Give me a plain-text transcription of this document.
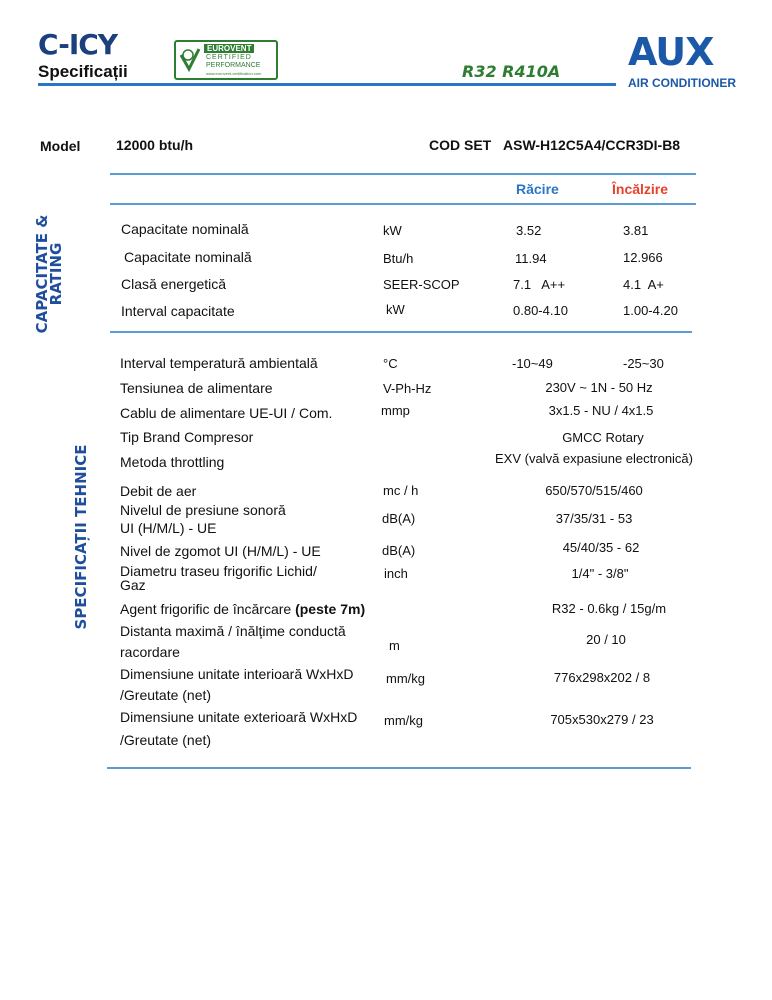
C-ICY
Specificații
EUROVENT
CERTIFIED
PERFORMANCE
www.eurovent-certification.com	R32 R410A AUX
AIR CONDITIONER
Model	12000 btu/h	COD SET ASW-H12C5A4/CCR3DI-B8
Răcire	Încălzire
CAPACITATE & RATING
SPECIFICAȚII TEHNICE
Capacitate nominală	kW	3.52	3.81
Capacitate nominală	Btu/h	11.94	12.966
Clasă energetică	SEER-SCOP	7.1   A++	4.1  A+
Interval capacitate	kW	0.80-4.10	1.00-4.20
Interval temperatură ambientală	°C	-10~49	-25~30
Tensiunea de alimentare	V-Ph-Hz	230V ~ 1N - 50 Hz
Cablu de alimentare UE-UI / Com.	mmp	3x1.5 - NU / 4x1.5
Tip Brand Compresor	GMCC Rotary
Metoda throttling	EXV (valvă expasiune electronică)
Debit de aer	mc / h	650/570/515/460
Nivelul de presiune sonoră
UI (H/M/L) - UE
dB(A)	37/35/31 - 53
Nivel de zgomot UI (H/M/L) - UE	dB(A)	45/40/35 - 62
Diametru traseu frigorific Lichid/
Gaz
inch	1/4" - 3/8"
Agent frigorific de încărcare (peste 7m)	R32 - 0.6kg / 15g/m
Distanta maximă / înălțime conductă
racordare	m	20 / 10
Dimensiune unitate interioară WxHxD
/Greutate (net)
mm/kg	776x298x202 / 8
Dimensiune unitate exterioară WxHxD
/Greutate (net)
mm/kg	705x530x279 / 23
